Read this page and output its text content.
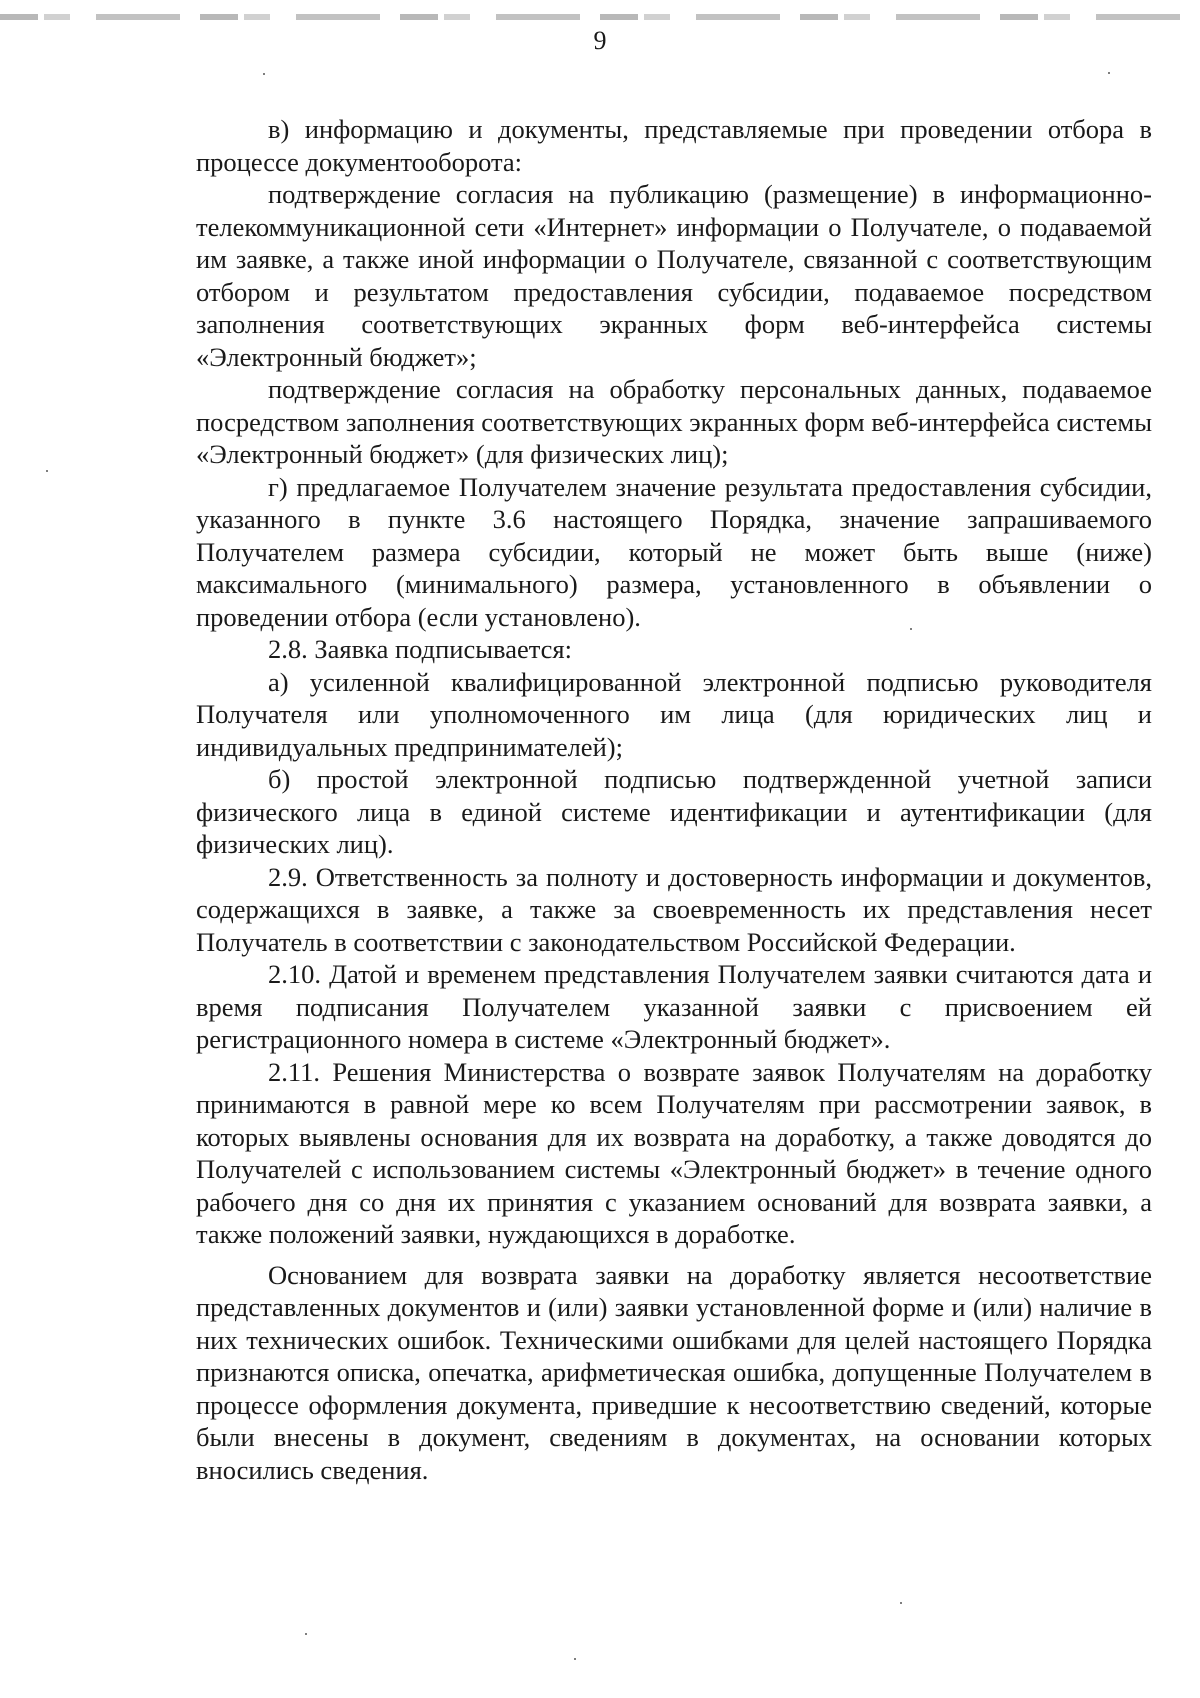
9

в) информацию и документы, представляемые при проведении отбора в процессе документооборота:

подтверждение согласия на публикацию (размещение) в информационно-телекоммуникационной сети «Интернет» информации о Получателе, о подаваемой им заявке, а также иной информации о Получателе, связанной с соответствующим отбором и результатом предоставления субсидии, подаваемое посредством заполнения соответствующих экранных форм веб-интерфейса системы «Электронный бюджет»;

подтверждение согласия на обработку персональных данных, подаваемое посредством заполнения соответствующих экранных форм веб-интерфейса системы «Электронный бюджет» (для физических лиц);

г) предлагаемое Получателем значение результата предоставления субсидии, указанного в пункте 3.6 настоящего Порядка, значение запрашиваемого Получателем размера субсидии, который не может быть выше (ниже) максимального (минимального) размера, установленного в объявлении о проведении отбора (если установлено).

2.8. Заявка подписывается:

а) усиленной квалифицированной электронной подписью руководителя Получателя или уполномоченного им лица (для юридических лиц и индивидуальных предпринимателей);

б) простой электронной подписью подтвержденной учетной записи физического лица в единой системе идентификации и аутентификации (для физических лиц).

2.9. Ответственность за полноту и достоверность информации и документов, содержащихся в заявке, а также за своевременность их представления несет Получатель в соответствии с законодательством Российской Федерации.

2.10. Датой и временем представления Получателем заявки считаются дата и время подписания Получателем указанной заявки с присвоением ей регистрационного номера в системе «Электронный бюджет».

2.11. Решения Министерства о возврате заявок Получателям на доработку принимаются в равной мере ко всем Получателям при рассмотрении заявок, в которых выявлены основания для их возврата на доработку, а также доводятся до Получателей с использованием системы «Электронный бюджет» в течение одного рабочего дня со дня их принятия с указанием оснований для возврата заявки, а также положений заявки, нуждающихся в доработке.

Основанием для возврата заявки на доработку является несоответствие представленных документов и (или) заявки установленной форме и (или) наличие в них технических ошибок. Техническими ошибками для целей настоящего Порядка признаются описка, опечатка, арифметическая ошибка, допущенные Получателем в процессе оформления документа, приведшие к несоответствию сведений, которые были внесены в документ, сведениям в документах, на основании которых вносились сведения.
